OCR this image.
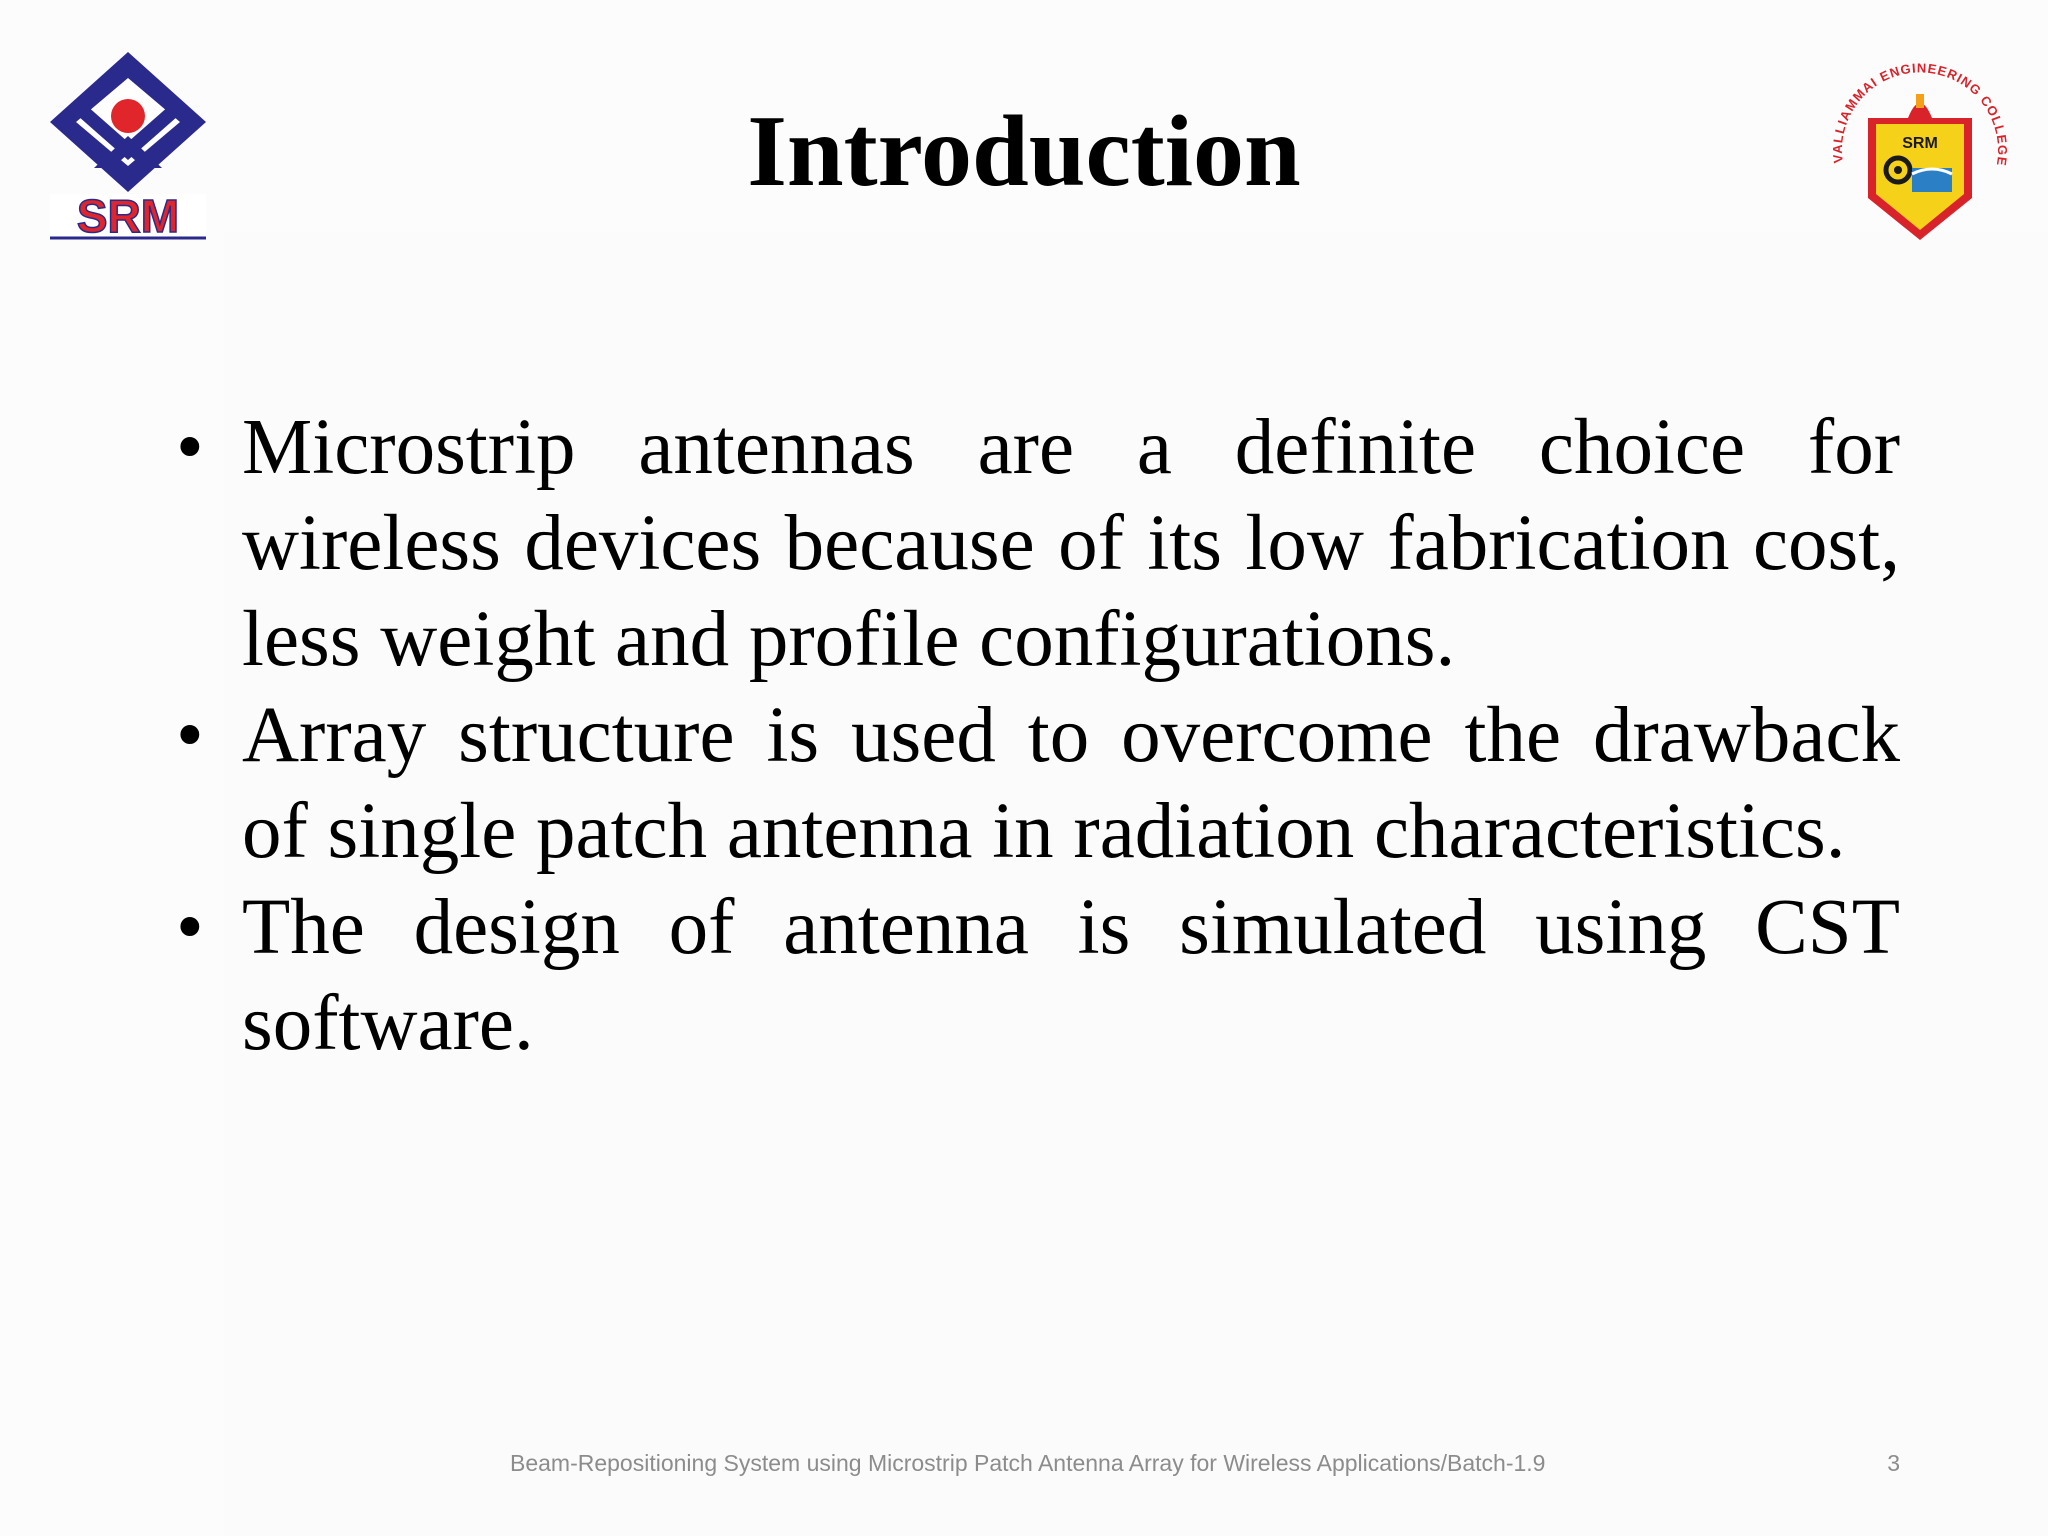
SRM
VALLIAMMAI ENGINEERING COLLEGE
SRM
Introduction
• Microstrip antennas are a definite choice for wireless devices because of its low fabrication cost, less weight and profile configurations.
• Array structure is used to overcome the drawback of single patch antenna in radiation characteristics.
• The design of antenna is simulated using CST software.
Beam-Repositioning System using Microstrip Patch Antenna Array for Wireless Applications/Batch-1.9	3
